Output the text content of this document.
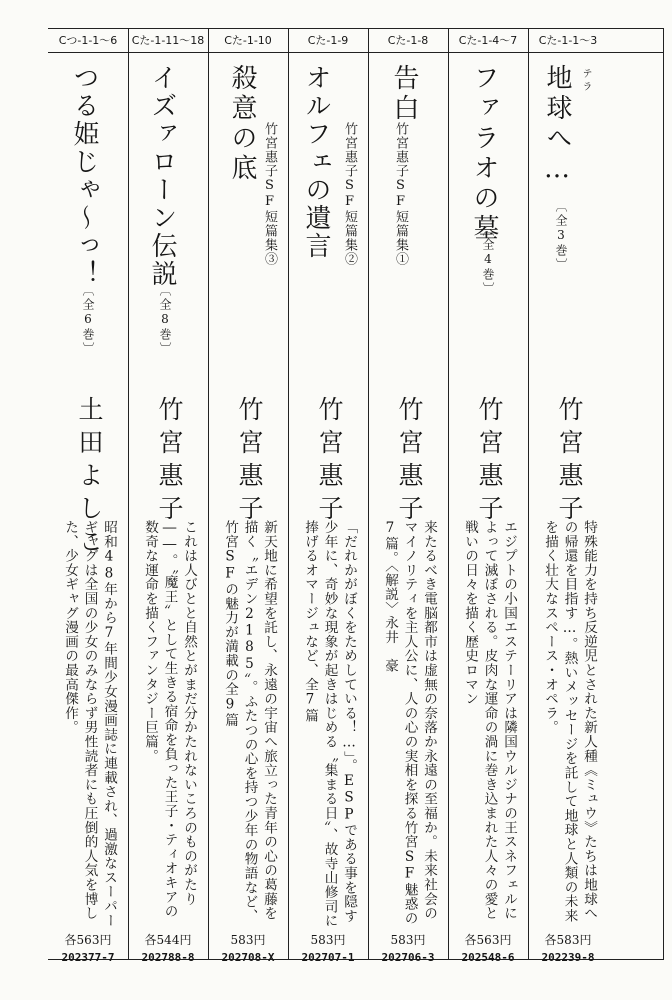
Cた-1-1〜3
地球へ… テラ
〔 全3巻 〕
竹宮惠子
特殊能力を持ち反逆児とされた新人種《ミュウ》たちは地球への帰還を目指す…。熱いメッセージを託して地球と人類の未来を描く壮大なスペース・オペラ。
各583円
202239-8
Cた-1-4〜7
ファラオの墓
〔 全4巻 〕
竹宮惠子
エジプトの小国エステーリアは隣国ウルジナの王スネフェルによって滅ぼされる。皮肉な運命の渦に巻き込まれた人々の愛と戦いの日々を描く歴史ロマン
各563円
202548-6
Cた-1-8
告白
竹宮惠子SF短篇集①
竹宮惠子
来たるべき電脳都市は虚無の奈落か永遠の至福か。未来社会のマイノリティを主人公に、人の心の実相を探る竹宮SF魅惑の7篇。〈解説〉永井　豪
583円
202706-3
Cた-1-9
オルフェの遺言 竹宮惠子SF短篇集②
竹宮惠子
「だれかがぼくをためしている！…」。ESPである事を隠す少年に、奇妙な現象が起きはじめる〝集まる日〟、故寺山修司に捧げるオマージュなど、全7篇
583円
202707-1
Cた-1-10
殺意の底 竹宮惠子SF短篇集③
竹宮惠子
新天地に希望を託し、永遠の宇宙へ旅立った青年の心の葛藤を描く〝エデン2185〟。ふたつの心を持つ少年の物語など、竹宮SFの魅力が満載の全9篇
583円
202708-X
Cた-1-11〜18
イズァローン伝説
〔 全8巻 〕
竹宮惠子
これは人びとと自然とがまだ分かたれないころのものがたり――。〝魔王〟として生きる宿命を負った王子・ティオキアの数奇な運命を描くファンタジー巨篇。
各544円
202788-8
Cつ-1-1〜6
つる姫じゃ〜っ！
〔 全6巻 〕
土田よしこ
昭和48年から7年間少女漫画誌に連載され、過激なスーパーギャグは全国の少女のみならず男性読者にも圧倒的人気を博した、少女ギャグ漫画の最高傑作。
各563円
202377-7
